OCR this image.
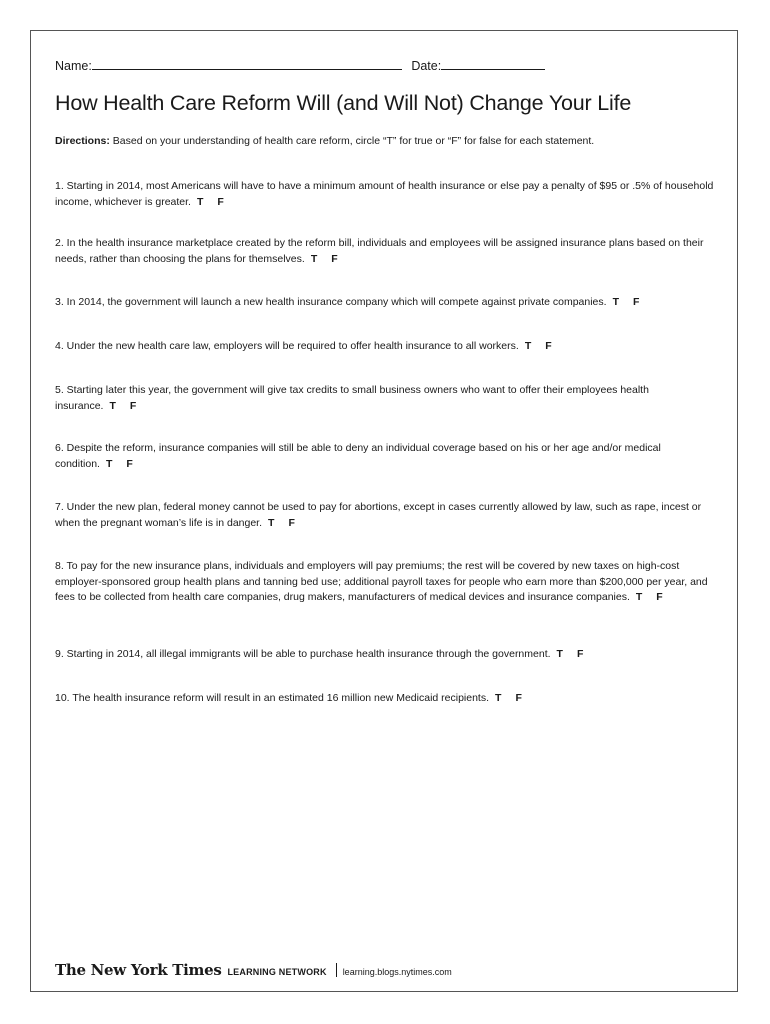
Name:	Date:
How Health Care Reform Will (and Will Not) Change Your Life
Directions: Based on your understanding of health care reform, circle “T” for true or “F” for false for each statement.
1. Starting in 2014, most Americans will have to have a minimum amount of health insurance or else pay a penalty of $95 or .5% of household income, whichever is greater. T F
2. In the health insurance marketplace created by the reform bill, individuals and employees will be assigned insurance plans based on their needs, rather than choosing the plans for themselves. T F
3. In 2014, the government will launch a new health insurance company which will compete against private companies. T F
4. Under the new health care law, employers will be required to offer health insurance to all workers. T F
5. Starting later this year, the government will give tax credits to small business owners who want to offer their employees health insurance. T F
6. Despite the reform, insurance companies will still be able to deny an individual coverage based on his or her age and/or medical condition. T F
7. Under the new plan, federal money cannot be used to pay for abortions, except in cases currently allowed by law, such as rape, incest or when the pregnant woman’s life is in danger. T F
8. To pay for the new insurance plans, individuals and employers will pay premiums; the rest will be covered by new taxes on high-cost employer-sponsored group health plans and tanning bed use; additional payroll taxes for people who earn more than $200,000 per year, and fees to be collected from health care companies, drug makers, manufacturers of medical devices and insurance companies. T F
9. Starting in 2014, all illegal immigrants will be able to purchase health insurance through the government. T F
10. The health insurance reform will result in an estimated 16 million new Medicaid recipients. T F
The New York Times LEARNING NETWORK learning.blogs.nytimes.com
